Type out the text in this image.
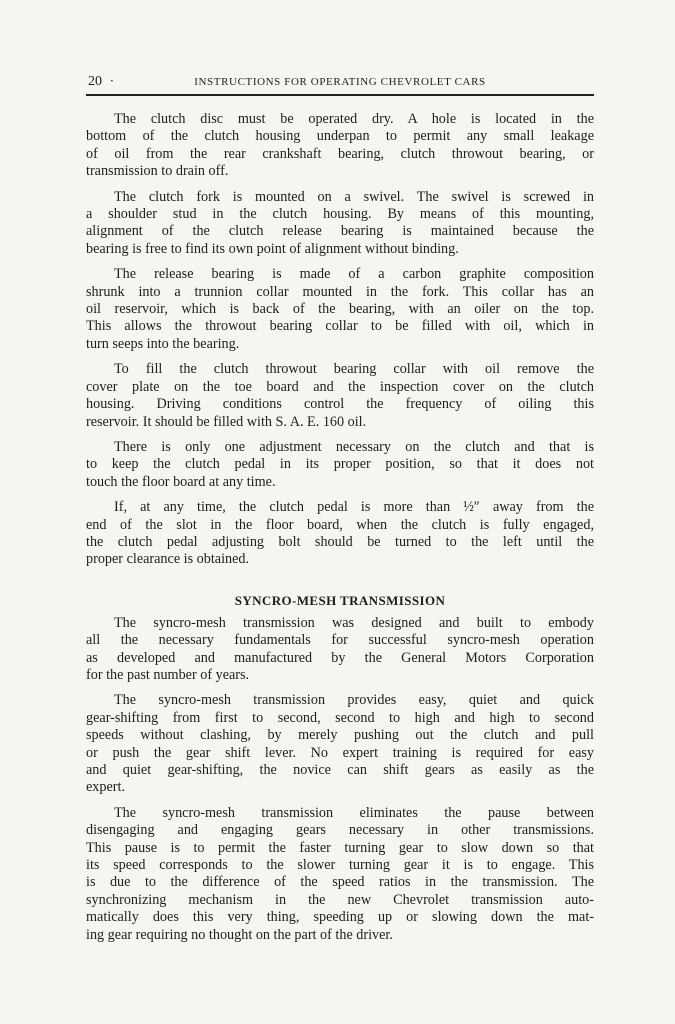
20 ·	INSTRUCTIONS FOR OPERATING CHEVROLET CARS

The clutch disc must be operated dry. A hole is located in the
bottom of the clutch housing underpan to permit any small leakage
of oil from the rear crankshaft bearing, clutch throwout bearing, or
transmission to drain off.

The clutch fork is mounted on a swivel. The swivel is screwed in
a shoulder stud in the clutch housing. By means of this mounting,
alignment of the clutch release bearing is maintained because the
bearing is free to find its own point of alignment without binding.

The release bearing is made of a carbon graphite composition
shrunk into a trunnion collar mounted in the fork. This collar has an
oil reservoir, which is back of the bearing, with an oiler on the top.
This allows the throwout bearing collar to be filled with oil, which in
turn seeps into the bearing.

To fill the clutch throwout bearing collar with oil remove the
cover plate on the toe board and the inspection cover on the clutch
housing. Driving conditions control the frequency of oiling this
reservoir. It should be filled with S. A. E. 160 oil.

There is only one adjustment necessary on the clutch and that is
to keep the clutch pedal in its proper position, so that it does not
touch the floor board at any time.

If, at any time, the clutch pedal is more than ½″ away from the
end of the slot in the floor board, when the clutch is fully engaged,
the clutch pedal adjusting bolt should be turned to the left until the
proper clearance is obtained.

SYNCRO-MESH TRANSMISSION

The syncro-mesh transmission was designed and built to embody
all the necessary fundamentals for successful syncro-mesh operation
as developed and manufactured by the General Motors Corporation
for the past number of years.

The syncro-mesh transmission provides easy, quiet and quick
gear-shifting from first to second, second to high and high to second
speeds without clashing, by merely pushing out the clutch and pull
or push the gear shift lever. No expert training is required for easy
and quiet gear-shifting, the novice can shift gears as easily as the
expert.

The syncro-mesh transmission eliminates the pause between
disengaging and engaging gears necessary in other transmissions.
This pause is to permit the faster turning gear to slow down so that
its speed corresponds to the slower turning gear it is to engage. This
is due to the difference of the speed ratios in the transmission. The
synchronizing mechanism in the new Chevrolet transmission auto-
matically does this very thing, speeding up or slowing down the mat-
ing gear requiring no thought on the part of the driver.
